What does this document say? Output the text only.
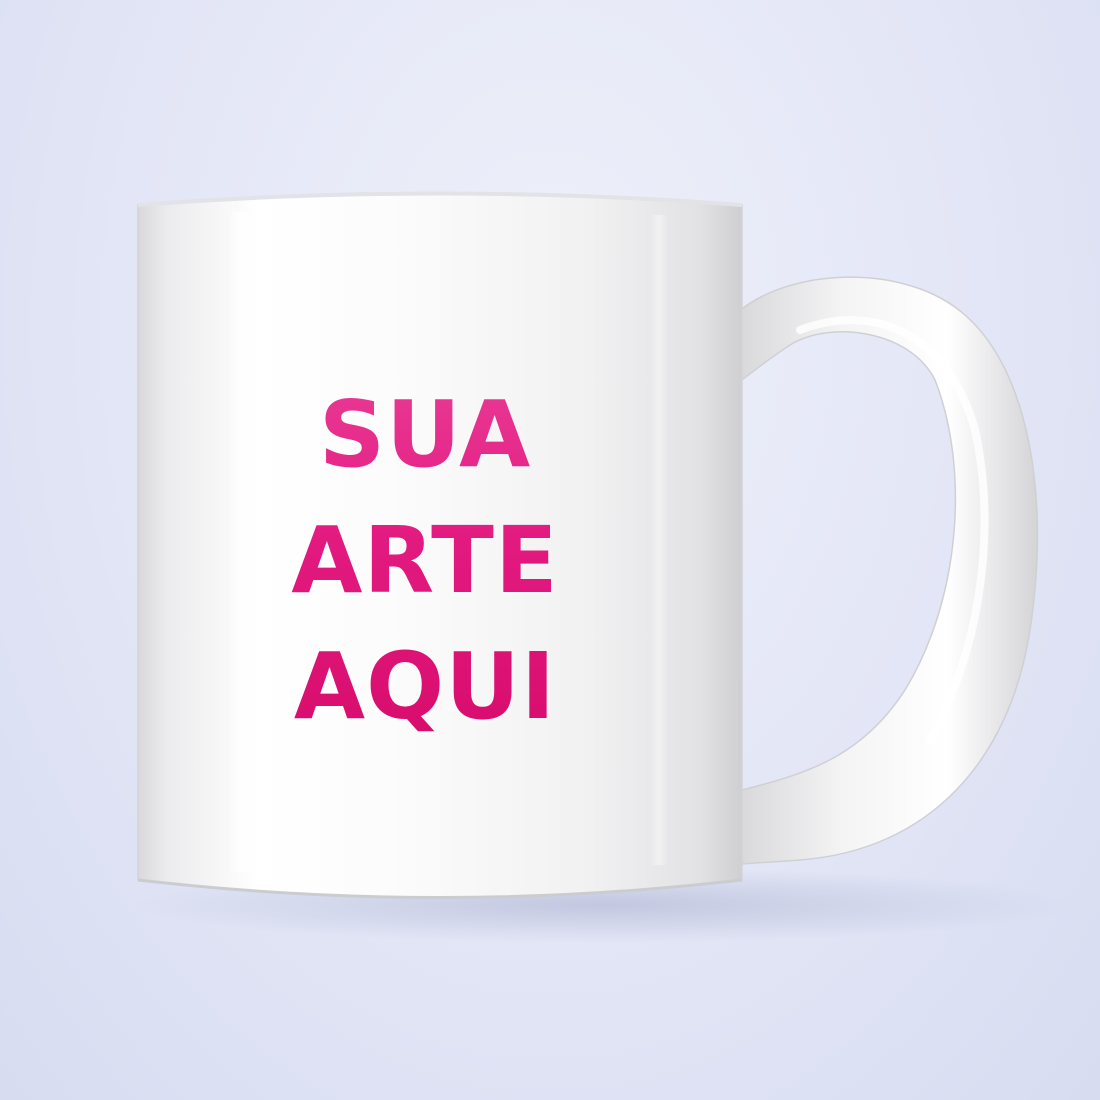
SUA
ARTE
AQUI
